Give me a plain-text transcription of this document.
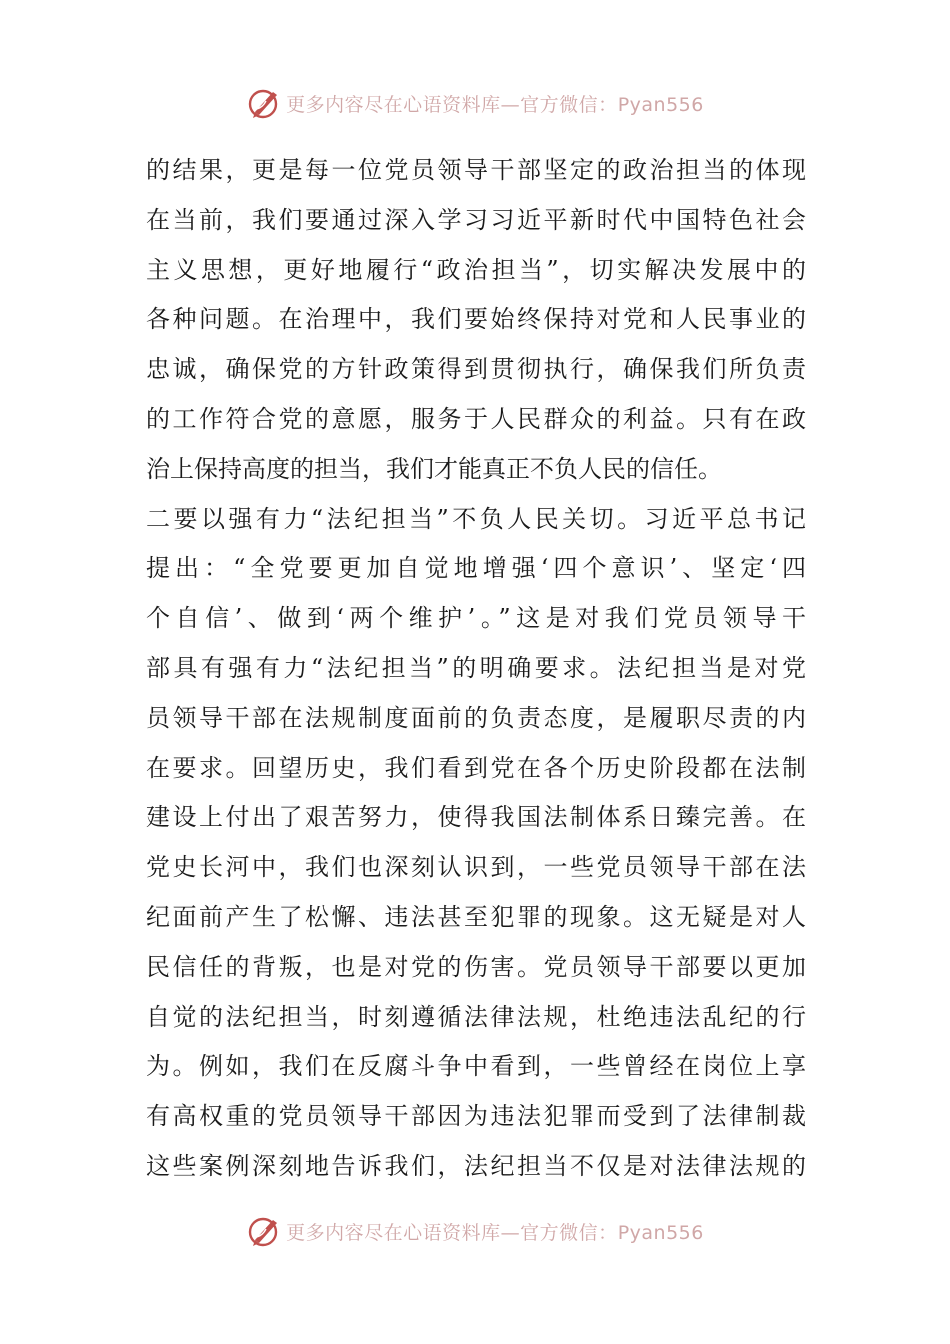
更多内容尽在心语资料库—官方微信：Pyan556
的结果，更是每一位党员领导干部坚定的政治担当的体现
在当前，我们要通过深入学习习近平新时代中国特色社会
主义思想，更好地履行“政治担当”，切实解决发展中的
各种问题。在治理中，我们要始终保持对党和人民事业的
忠诚，确保党的方针政策得到贯彻执行，确保我们所负责
的工作符合党的意愿，服务于人民群众的利益。只有在政
治上保持高度的担当，我们才能真正不负人民的信任。
二要以强有力“法纪担当”不负人民关切。习近平总书记
提出：“全党要更加自觉地增强‘四个意识’、坚定‘四
个自信’、做到‘两个维护’。”这是对我们党员领导干
部具有强有力“法纪担当”的明确要求。法纪担当是对党
员领导干部在法规制度面前的负责态度，是履职尽责的内
在要求。回望历史，我们看到党在各个历史阶段都在法制
建设上付出了艰苦努力，使得我国法制体系日臻完善。在
党史长河中，我们也深刻认识到，一些党员领导干部在法
纪面前产生了松懈、违法甚至犯罪的现象。这无疑是对人
民信任的背叛，也是对党的伤害。党员领导干部要以更加
自觉的法纪担当，时刻遵循法律法规，杜绝违法乱纪的行
为。例如，我们在反腐斗争中看到，一些曾经在岗位上享
有高权重的党员领导干部因为违法犯罪而受到了法律制裁
这些案例深刻地告诉我们，法纪担当不仅是对法律法规的
更多内容尽在心语资料库—官方微信：Pyan556
